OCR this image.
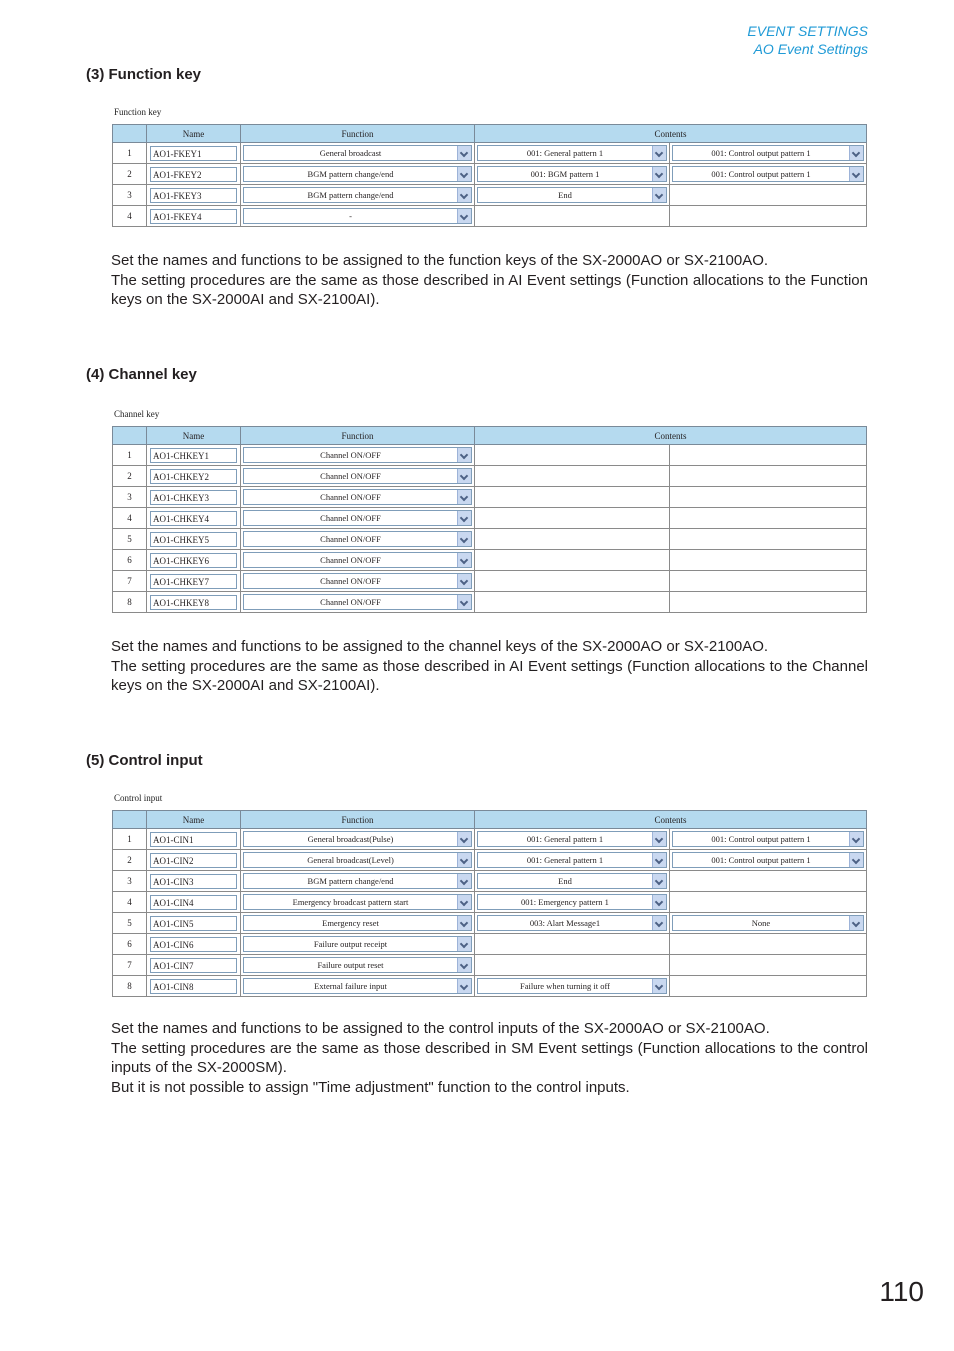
EVENT SETTINGS
AO Event Settings
(3) Function key
Function key
	Name	Function	Contents	
1	AO1-FKEY1	General broadcast	001: General pattern 1	001: Control output pattern 1

2	AO1-FKEY2	BGM pattern change/end	001: BGM pattern 1	001: Control output pattern 1

3	AO1-FKEY3	BGM pattern change/end	End	

4	AO1-FKEY4	-		

Set the names and functions to be assigned to the function keys of the SX-2000AO or SX-2100AO.

The setting procedures are the same as those described in AI Event settings (Function allocations to the Function keys on the SX-2000AI and SX-2100AI).

(4) Channel key
Channel key
	Name	Function	Contents	
1	AO1-CHKEY1	Channel ON/OFF		

2	AO1-CHKEY2	Channel ON/OFF		

3	AO1-CHKEY3	Channel ON/OFF		

4	AO1-CHKEY4	Channel ON/OFF		

5	AO1-CHKEY5	Channel ON/OFF		

6	AO1-CHKEY6	Channel ON/OFF		

7	AO1-CHKEY7	Channel ON/OFF		

8	AO1-CHKEY8	Channel ON/OFF		

Set the names and functions to be assigned to the channel keys of the SX-2000AO or SX-2100AO.

The setting procedures are the same as those described in AI Event settings (Function allocations to the Channel keys on the SX-2000AI and SX-2100AI).

(5) Control input
Control input
	Name	Function	Contents	
1	AO1-CIN1	General broadcast(Pulse)	001: General pattern 1	001: Control output pattern 1

2	AO1-CIN2	General broadcast(Level)	001: General pattern 1	001: Control output pattern 1

3	AO1-CIN3	BGM pattern change/end	End	

4	AO1-CIN4	Emergency broadcast pattern start	001: Emergency pattern 1	

5	AO1-CIN5	Emergency reset	003: Alart Message1	None

6	AO1-CIN6	Failure output receipt		

7	AO1-CIN7	Failure output reset		

8	AO1-CIN8	External failure input	Failure when turning it off	

Set the names and functions to be assigned to the control inputs of the SX-2000AO or SX-2100AO.

The setting procedures are the same as those described in SM Event settings (Function allocations to the control inputs of the SX-2000SM).

But it is not possible to assign "Time adjustment" function to the control inputs.

110
